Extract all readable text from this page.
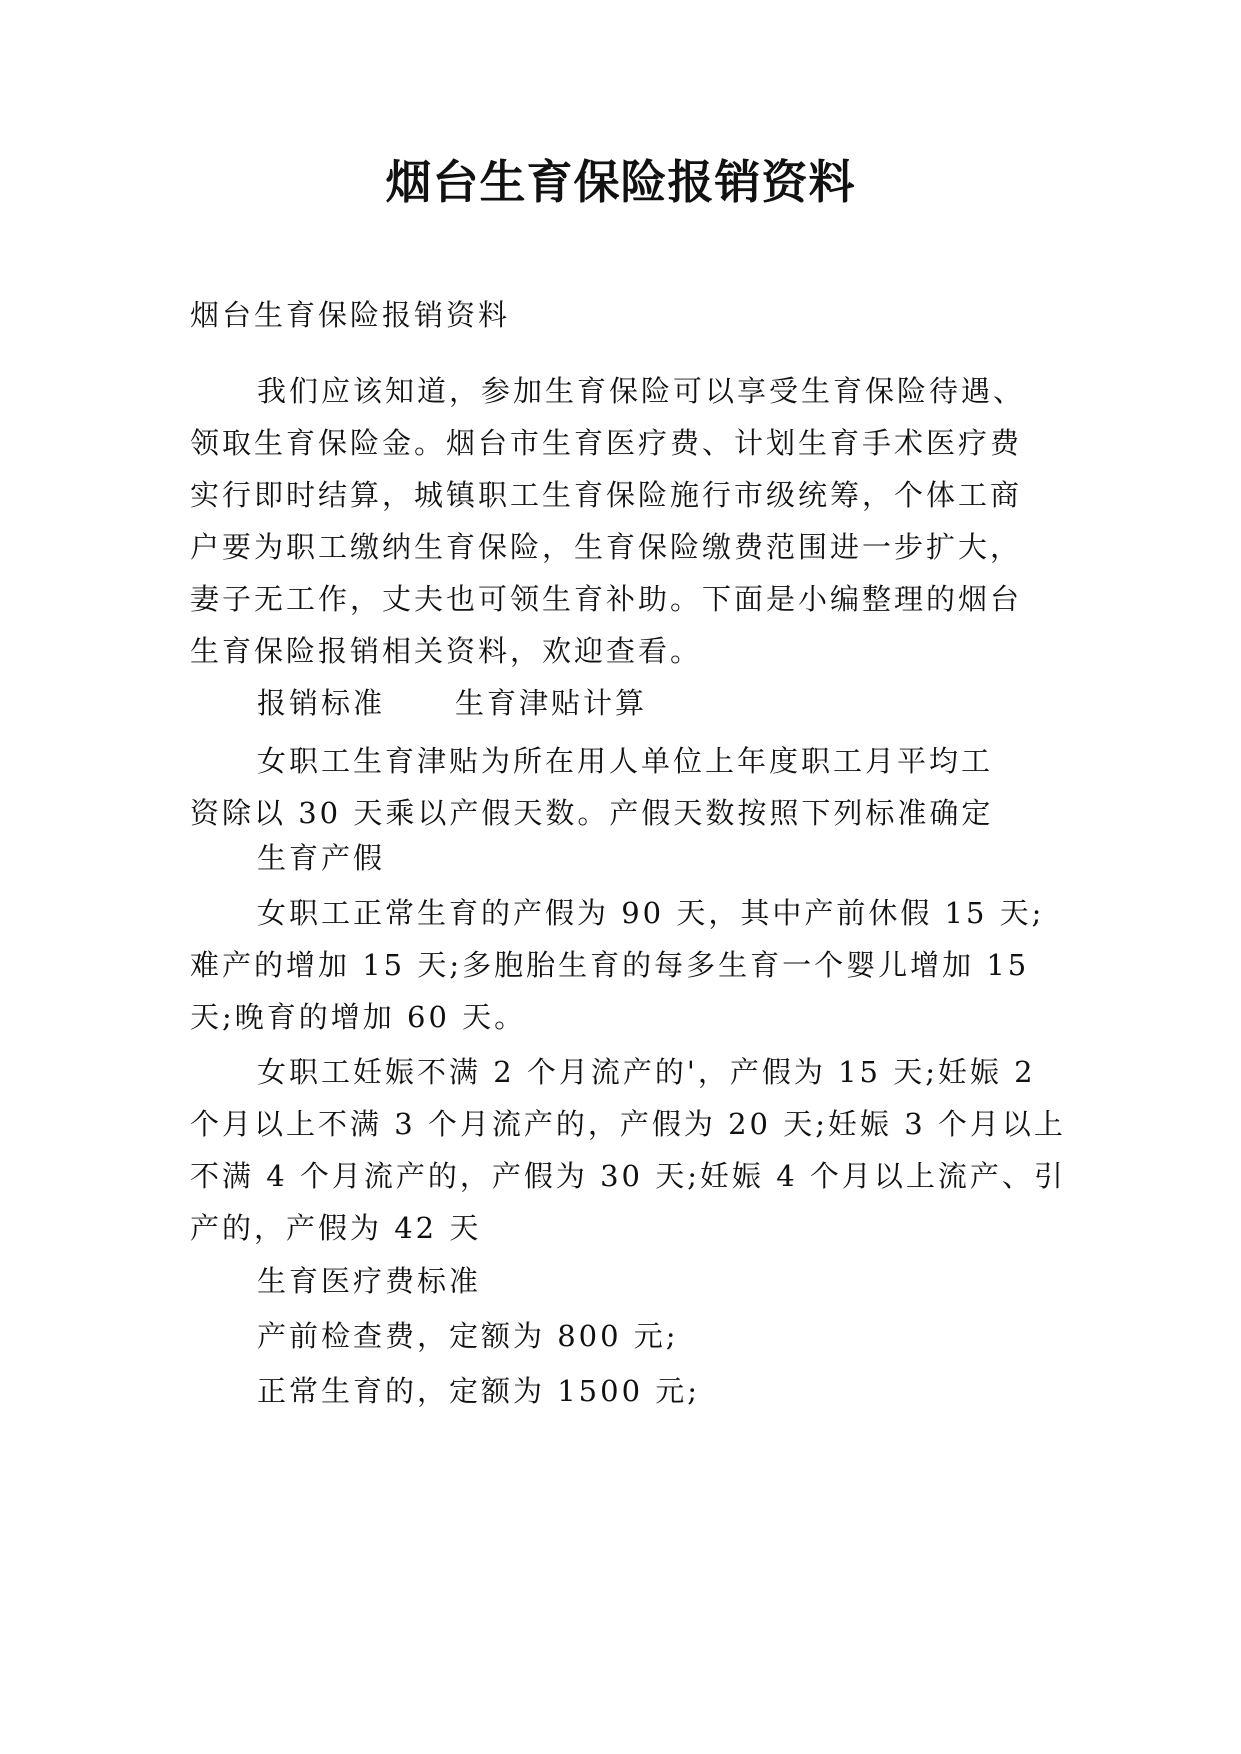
烟台生育保险报销资料
烟台生育保险报销资料
我们应该知道，参加生育保险可以享受生育保险待遇、
领取生育保险金。烟台市生育医疗费、计划生育手术医疗费
实行即时结算，城镇职工生育保险施行市级统筹，个体工商
户要为职工缴纳生育保险，生育保险缴费范围进一步扩大，
妻子无工作，丈夫也可领生育补助。下面是小编整理的烟台
生育保险报销相关资料，欢迎查看。
报销标准 生育津贴计算
女职工生育津贴为所在用人单位上年度职工月平均工
资除以 30 天乘以产假天数。产假天数按照下列标准确定
生育产假
女职工正常生育的产假为 90 天，其中产前休假 15 天;
难产的增加 15 天;多胞胎生育的每多生育一个婴儿增加 15
天;晚育的增加 60 天。
女职工妊娠不满 2 个月流产的'，产假为 15 天;妊娠 2
个月以上不满 3 个月流产的，产假为 20 天;妊娠 3 个月以上
不满 4 个月流产的，产假为 30 天;妊娠 4 个月以上流产、引
产的，产假为 42 天
生育医疗费标准
产前检查费，定额为 800 元;
正常生育的，定额为 1500 元;
